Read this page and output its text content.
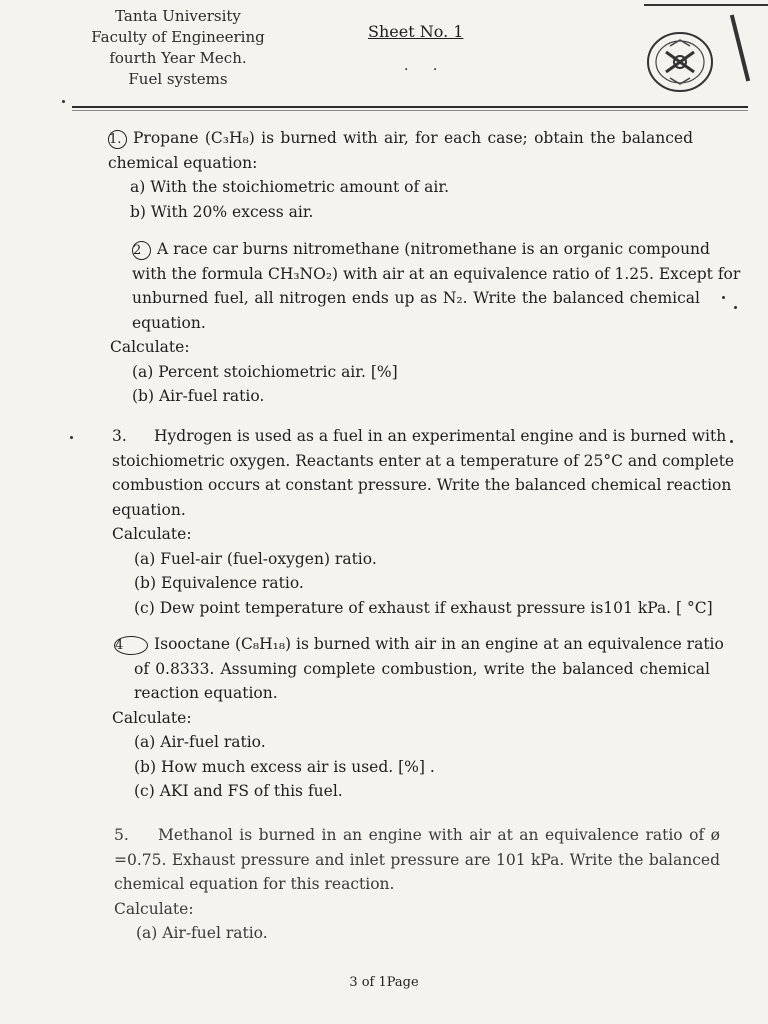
Tanta University
Faculty of Engineering
fourth Year Mech.
Fuel systems
Sheet No. 1
. .
1. Propane (C₃H₈) is burned with air, for each case; obtain the balanced
chemical equation:
a) With the stoichiometric amount of air.
b) With 20% excess air.
2 A race car burns nitromethane (nitromethane is an organic compound
with the formula CH₃NO₂) with air at an equivalence ratio of 1.25. Except for
unburned fuel, all nitrogen ends up as N₂. Write the balanced chemical
equation.
Calculate:
(a) Percent stoichiometric air. [%]
(b) Air-fuel ratio.
3. Hydrogen is used as a fuel in an experimental engine and is burned with
stoichiometric oxygen. Reactants enter at a temperature of 25°C and complete
combustion occurs at constant pressure. Write the balanced chemical reaction
equation.
Calculate:
(a) Fuel-air (fuel-oxygen) ratio.
(b) Equivalence ratio.
(c) Dew point temperature of exhaust if exhaust pressure is101 kPa. [ °C]
4 Isooctane (C₈H₁₈) is burned with air in an engine at an equivalence ratio
of 0.8333. Assuming complete combustion, write the balanced chemical
reaction equation.
Calculate:
(a) Air-fuel ratio.
(b) How much excess air is used. [%] .
(c) AKI and FS of this fuel.
5. Methanol is burned in an engine with air at an equivalence ratio of ø
=0.75. Exhaust pressure and inlet pressure are 101 kPa. Write the balanced
chemical equation for this reaction.
Calculate:
(a) Air-fuel ratio.
3 of 1Page
